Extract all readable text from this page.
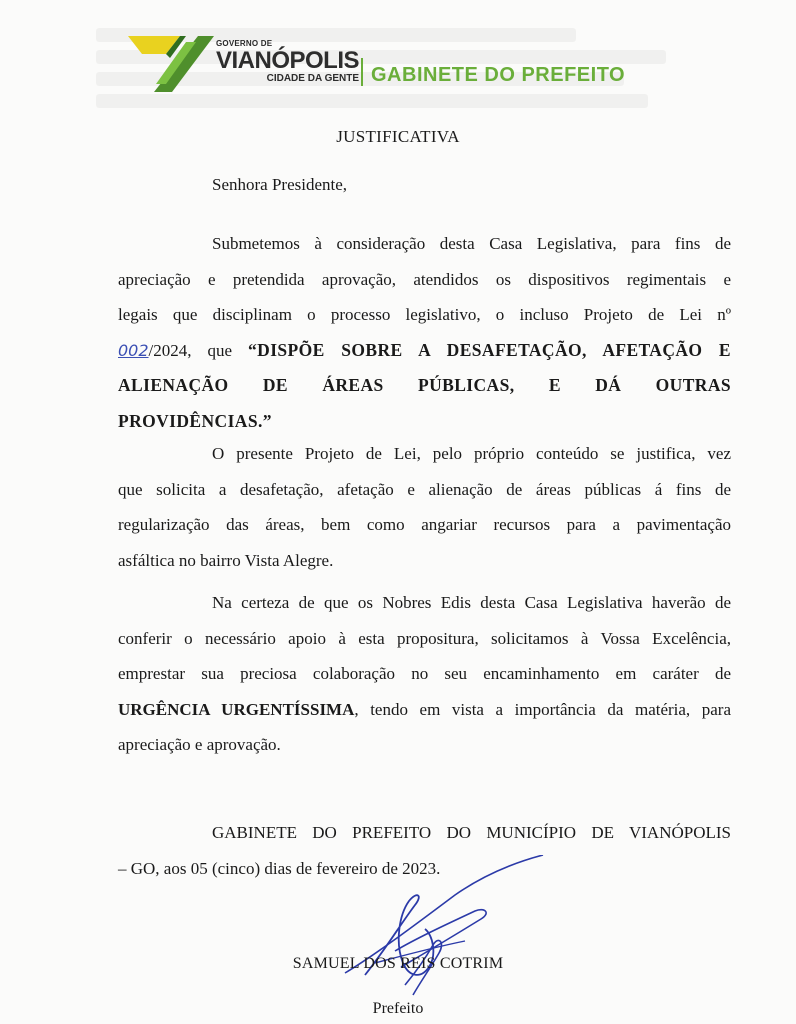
GOVERNO DE
VIANÓPOLIS
CIDADE DA GENTE GABINETE DO PREFEITO
JUSTIFICATIVA
Senhora Presidente,
Submetemos à consideração desta Casa Legislativa, para fins de
apreciação e pretendida aprovação, atendidos os dispositivos regimentais e
legais que disciplinam o processo legislativo, o incluso Projeto de Lei nº
002/2024, que “DISPÕE SOBRE A DESAFETAÇÃO, AFETAÇÃO E
ALIENAÇÃO DE ÁREAS PÚBLICAS, E DÁ OUTRAS
PROVIDÊNCIAS.”
O presente Projeto de Lei, pelo próprio conteúdo se justifica, vez
que solicita a desafetação, afetação e alienação de áreas públicas á fins de
regularização das áreas, bem como angariar recursos para a pavimentação
asfáltica no bairro Vista Alegre.
Na certeza de que os Nobres Edis desta Casa Legislativa haverão de
conferir o necessário apoio à esta propositura, solicitamos à Vossa Excelência,
emprestar sua preciosa colaboração no seu encaminhamento em caráter de
URGÊNCIA URGENTÍSSIMA, tendo em vista a importância da matéria, para
apreciação e aprovação.
GABINETE DO PREFEITO DO MUNICÍPIO DE VIANÓPOLIS
– GO, aos 05 (cinco) dias de fevereiro de 2023.
SAMUEL DOS REIS COTRIM
Prefeito
